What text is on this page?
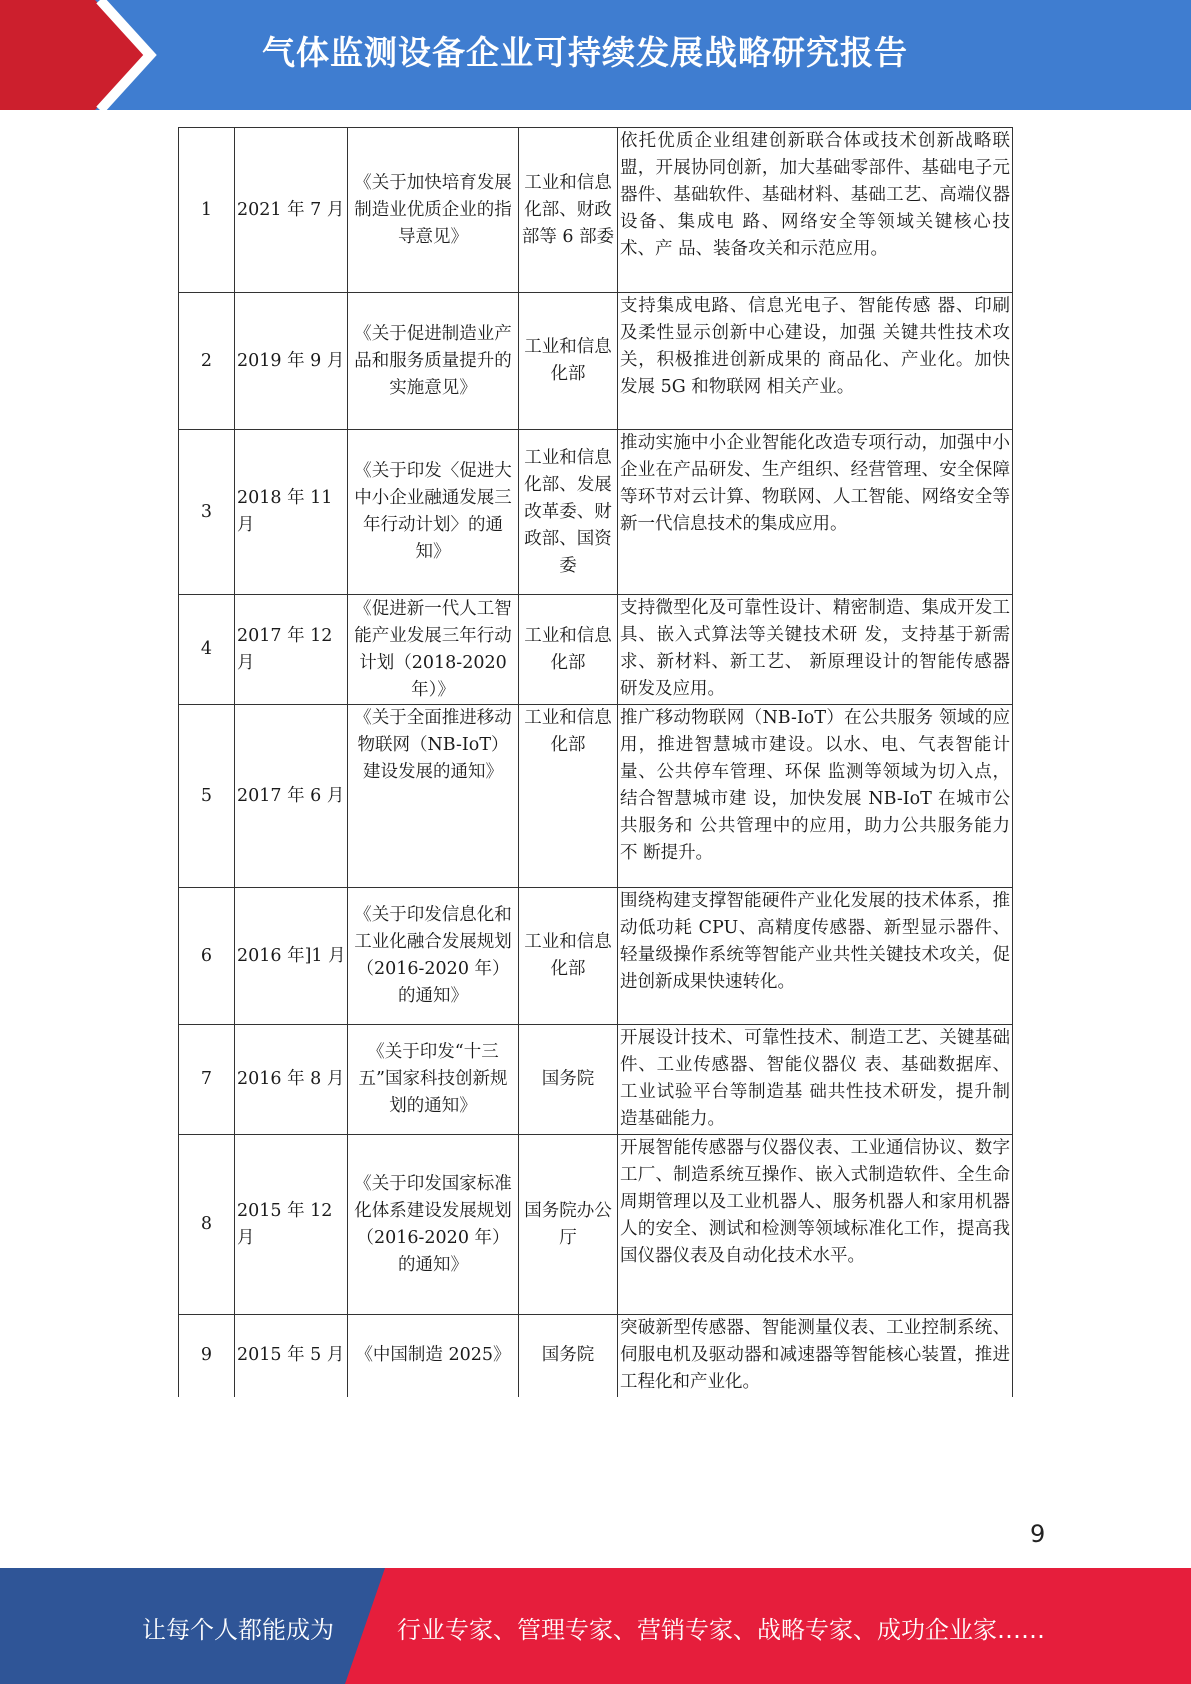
气体监测设备企业可持续发展战略研究报告
1	2021 年 7 月	《关于加快培育发展制造业优质企业的指导意见》	工业和信息化部、财政部等 6 部委	依托优质企业组建创新联合体或技术创新战略联盟，开展协同创新，加大基础零部件、基础电子元器件、基础软件、基础材料、基础工艺、高端仪器设备、集成电 路、网络安全等领域关键核心技术、产 品、装备攻关和示范应用。
2	2019 年 9 月	《关于促进制造业产品和服务质量提升的实施意见》	工业和信息化部	支持集成电路、信息光电子、智能传感 器、印刷及柔性显示创新中心建设，加强 关键共性技术攻关，积极推进创新成果的 商品化、产业化。加快发展 5G 和物联网 相关产业。
3	2018 年 11 月	《关于印发〈促进大中小企业融通发展三年行动计划〉的通知》	工业和信息化部、发展改革委、财政部、国资委	推动实施中小企业智能化改造专项行动，加强中小企业在产品研发、生产组织、经营管理、安全保障等环节对云计算、物联网、人工智能、网络安全等新一代信息技术的集成应用。
4	2017 年 12 月	《促进新一代人工智能产业发展三年行动计划（2018-2020 年）》	工业和信息化部	支持微型化及可靠性设计、精密制造、集成开发工具、嵌入式算法等关键技术研 发，支持基于新需求、新材料、新工艺、 新原理设计的智能传感器研发及应用。
5	2017 年 6 月	《关于全面推进移动物联网（NB-IoT）建设发展的通知》	工业和信息化部	推广移动物联网（NB-IoT）在公共服务 领域的应用，推进智慧城市建设。以水、电、气表智能计量、公共停车管理、环保 监测等领域为切入点，结合智慧城市建 设，加快发展 NB-IoT 在城市公共服务和 公共管理中的应用，助力公共服务能力不 断提升。
6	2016 年]1 月	《关于印发信息化和工业化融合发展规划（2016-2020 年）的通知》	工业和信息化部	围绕构建支撑智能硬件产业化发展的技术体系，推动低功耗 CPU、高精度传感器、新型显示器件、轻量级操作系统等智能产业共性关键技术攻关，促进创新成果快速转化。
7	2016 年 8 月	《关于印发“十三五”国家科技创新规划的通知》	国务院	开展设计技术、可靠性技术、制造工艺、关键基础件、工业传感器、智能仪器仪 表、基础数据库、工业试验平台等制造基 础共性技术研发，提升制造基础能力。
8	2015 年 12 月	《关于印发国家标准化体系建设发展规划（2016-2020 年）的通知》	国务院办公厅	开展智能传感器与仪器仪表、工业通信协议、数字工厂、制造系统互操作、嵌入式制造软件、全生命周期管理以及工业机器人、服务机器人和家用机器人的安全、测试和检测等领域标准化工作，提高我国仪器仪表及自动化技术水平。
9	2015 年 5 月	《中国制造 2025》	国务院	突破新型传感器、智能测量仪表、工业控制系统、伺服电机及驱动器和减速器等智能核心装置，推进工程化和产业化。
9
让每个人都能成为	行业专家、管理专家、营销专家、战略专家、成功企业家……
